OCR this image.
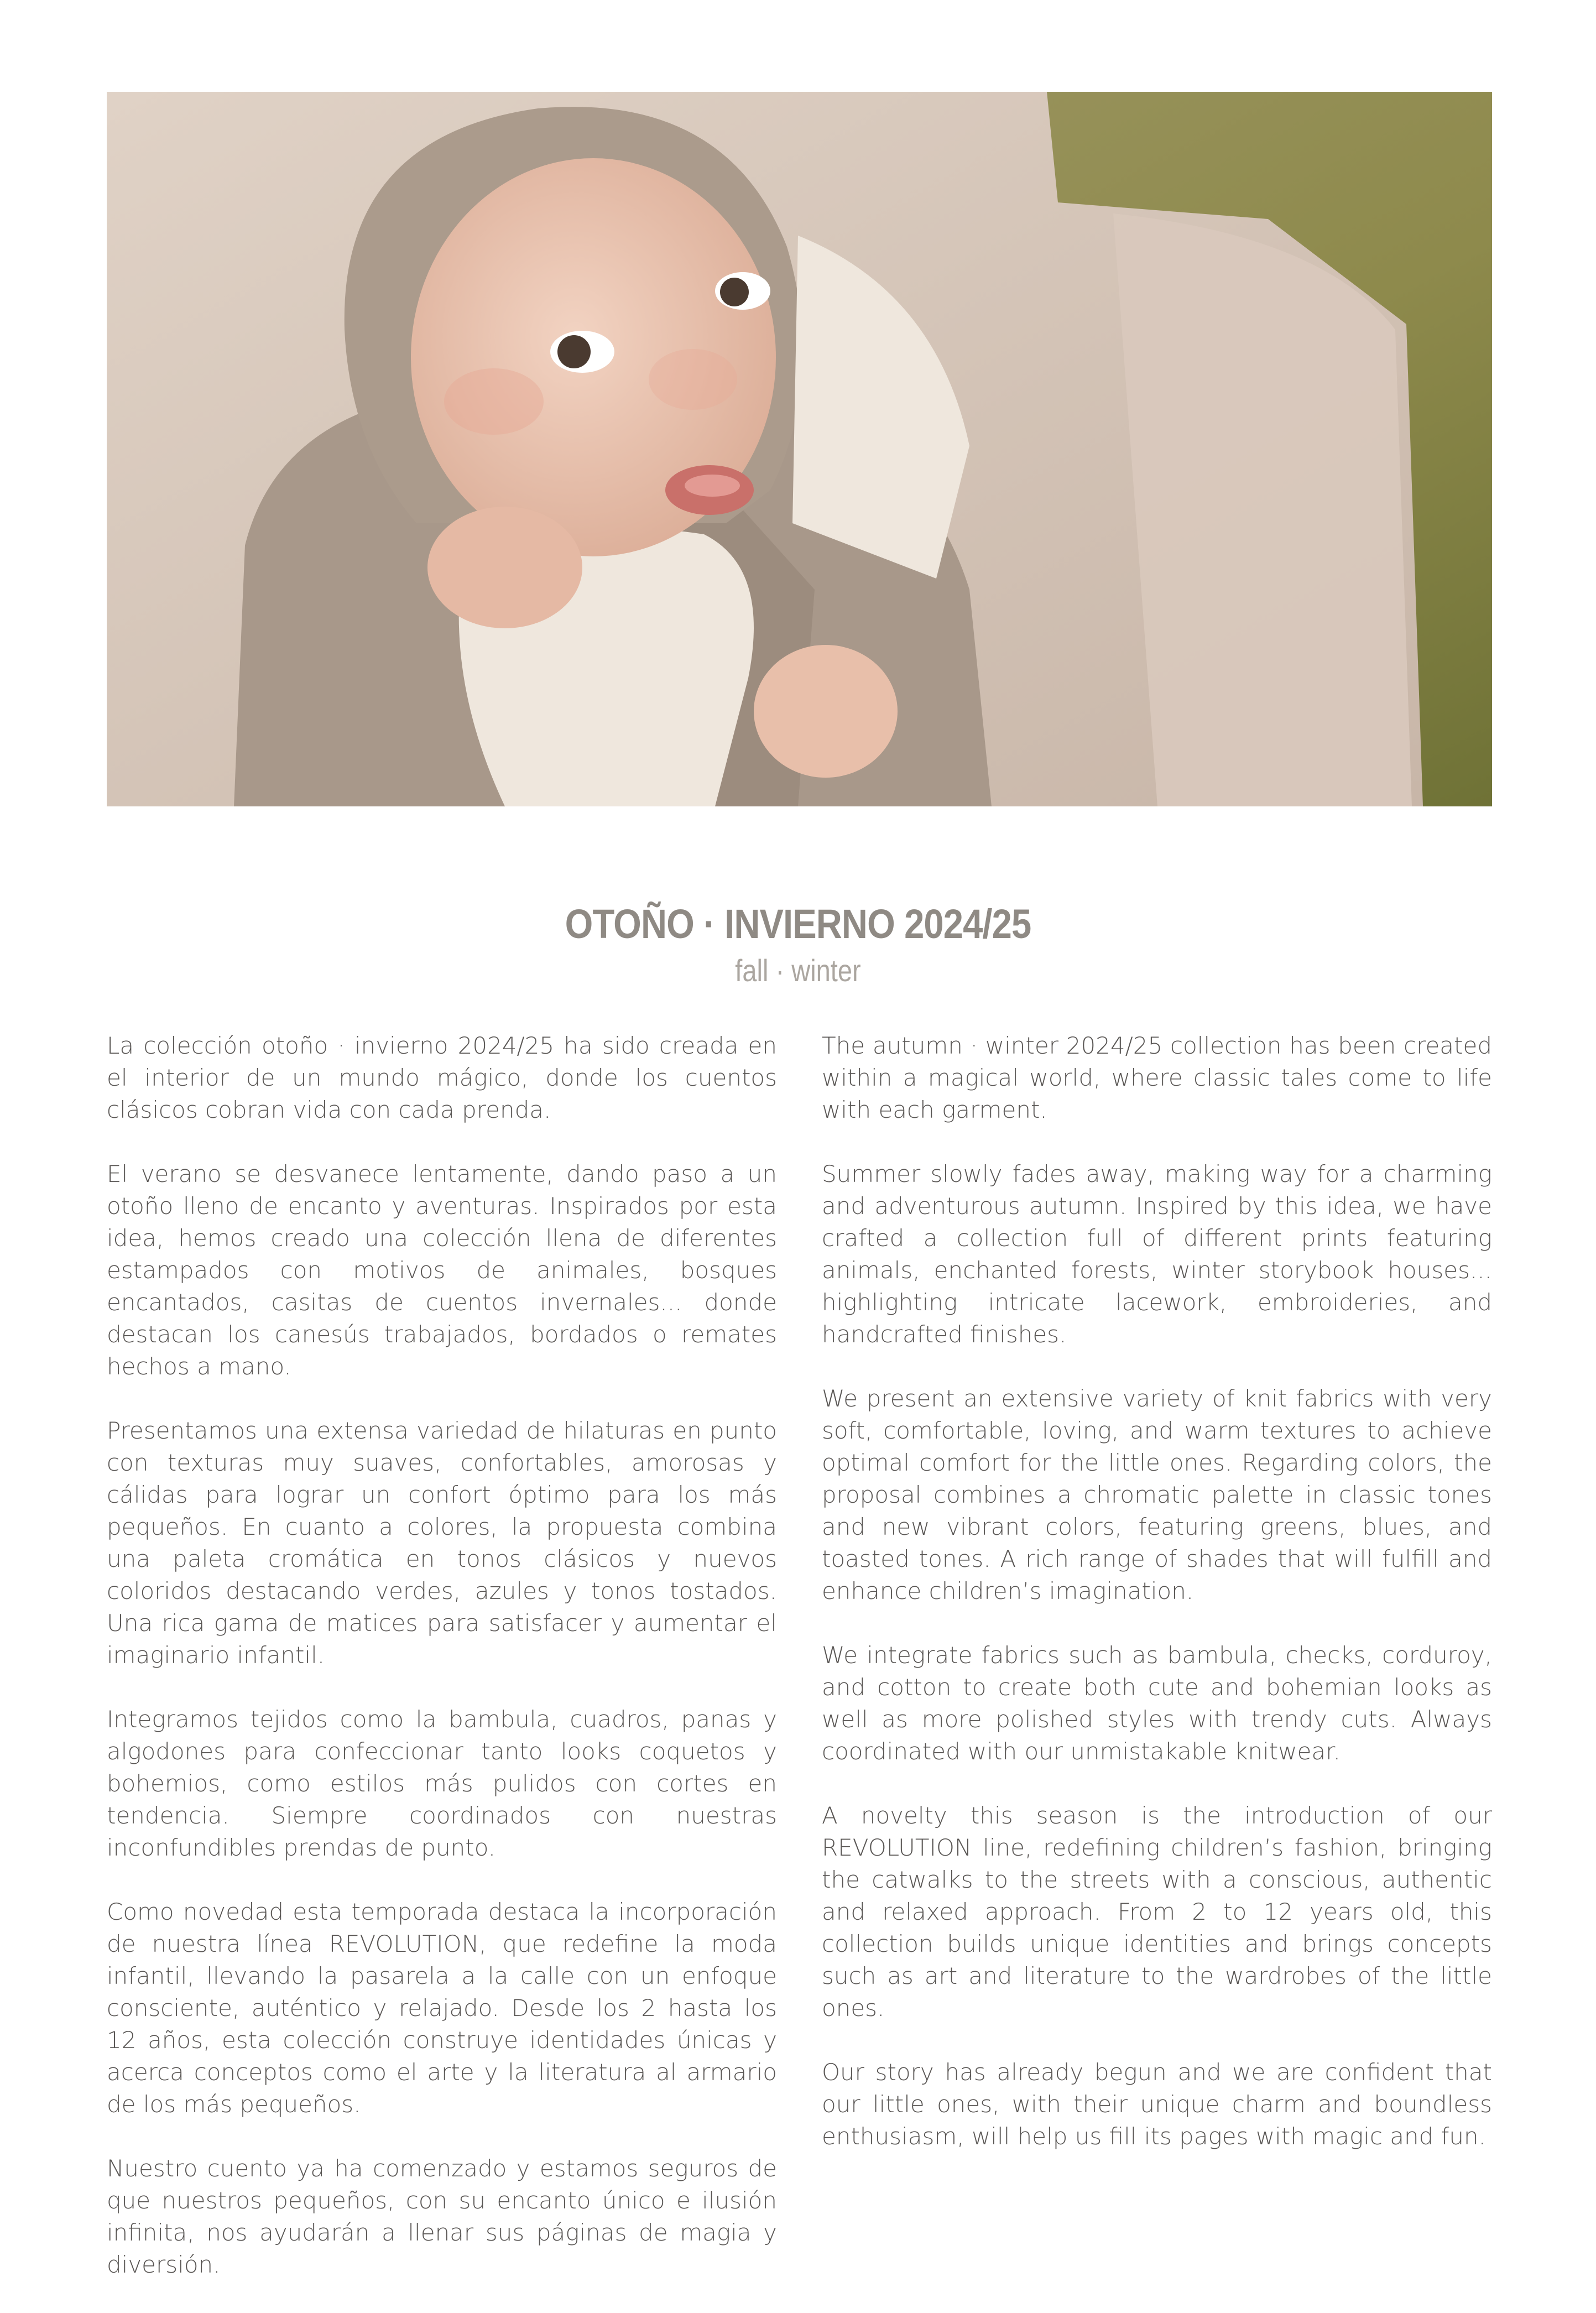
OTOÑO · INVIERNO 2024/25
fall · winter

La colección otoño · invierno 2024/25 ha sido creada en el interior de un mundo mágico, donde los cuentos clásicos cobran vida con cada prenda.

El verano se desvanece lentamente, dando paso a un otoño lleno de encanto y aventuras. Inspirados por esta idea, hemos creado una colección llena de diferentes estampados con motivos de animales, bosques encantados, casitas de cuentos invernales... donde destacan los canesús trabajados, bordados o remates hechos a mano.

Presentamos una extensa variedad de hilaturas en punto con texturas muy suaves, confortables, amorosas y cálidas para lograr un confort óptimo para los más pequeños. En cuanto a colores, la propuesta combina una paleta cromática en tonos clásicos y nuevos coloridos destacando verdes, azules y tonos tostados. Una rica gama de matices para satisfacer y aumentar el imaginario infantil.

Integramos tejidos como la bambula, cuadros, panas y algodones para confeccionar tanto looks coquetos y bohemios, como estilos más pulidos con cortes en tendencia. Siempre coordinados con nuestras inconfundibles prendas de punto.

Como novedad esta temporada destaca la incorporación de nuestra línea REVOLUTION, que redefine la moda infantil, llevando la pasarela a la calle con un enfoque consciente, auténtico y relajado. Desde los 2 hasta los 12 años, esta colección construye identidades únicas y acerca conceptos como el arte y la literatura al armario de los más pequeños.

Nuestro cuento ya ha comenzado y estamos seguros de que nuestros pequeños, con su encanto único e ilusión infinita, nos ayudarán a llenar sus páginas de magia y diversión.

The autumn · winter 2024/25 collection has been created within a magical world, where classic tales come to life with each garment.

Summer slowly fades away, making way for a charming and adventurous autumn. Inspired by this idea, we have crafted a collection full of different prints featuring animals, enchanted forests, winter storybook houses... highlighting intricate lacework, embroideries, and handcrafted finishes.

We present an extensive variety of knit fabrics with very soft, comfortable, loving, and warm textures to achieve optimal comfort for the little ones. Regarding colors, the proposal combines a chromatic palette in classic tones and new vibrant colors, featuring greens, blues, and toasted tones. A rich range of shades that will fulfill and enhance children’s imagination.

We integrate fabrics such as bambula, checks, corduroy, and cotton to create both cute and bohemian looks as well as more polished styles with trendy cuts. Always coordinated with our unmistakable knitwear.

A novelty this season is the introduction of our REVOLUTION line, redefining children’s fashion, bringing the catwalks to the streets with a conscious, authentic and relaxed approach. From 2 to 12 years old, this collection builds unique identities and brings concepts such as art and literature to the wardrobes of the little ones.

Our story has already begun and we are confident that our little ones, with their unique charm and boundless enthusiasm, will help us fill its pages with magic and fun.
